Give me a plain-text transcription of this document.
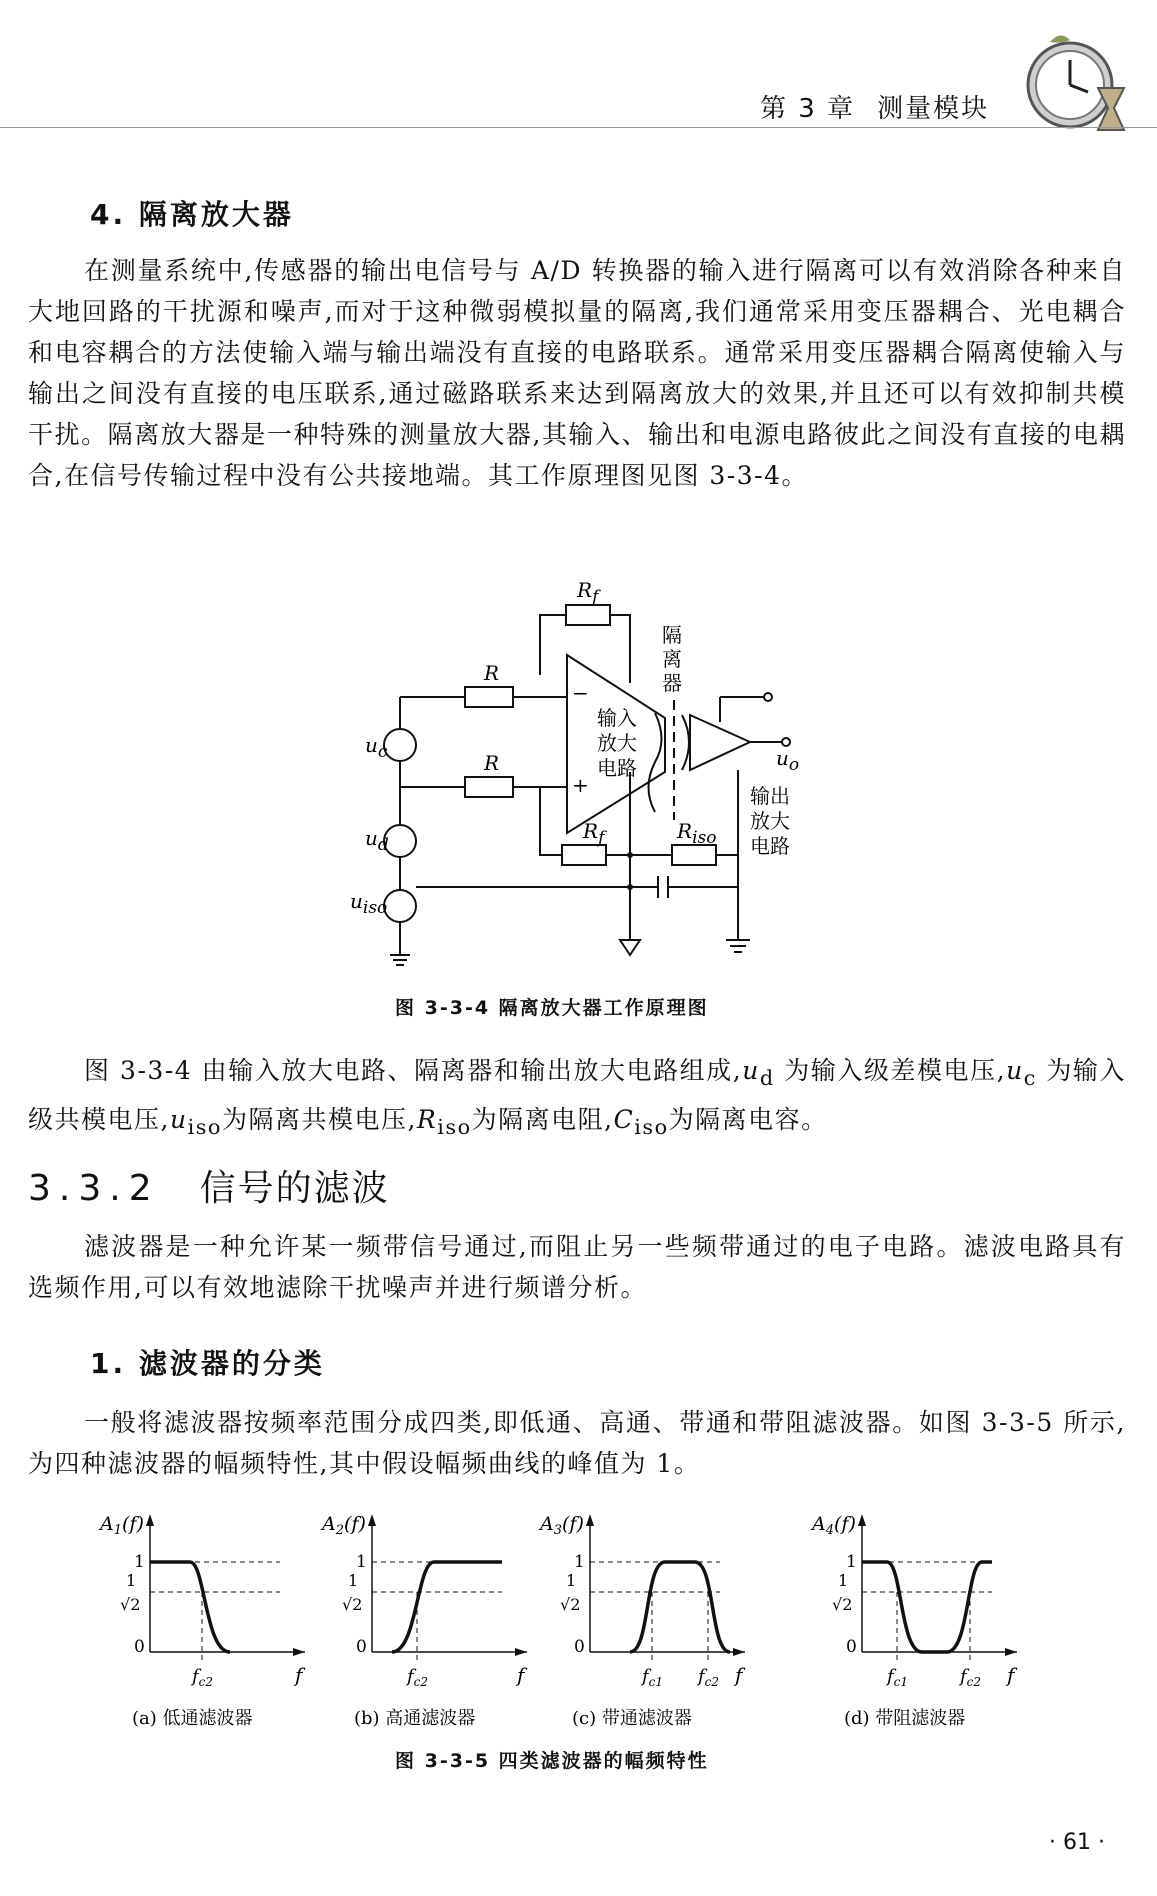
第 3 章 测量模块
4. 隔离放大器

在测量系统中,传感器的输出电信号与 A/D 转换器的输入进行隔离可以有效消除各种来自大地回路的干扰源和噪声,而对于这种微弱模拟量的隔离,我们通常采用变压器耦合、光电耦合和电容耦合的方法使输入端与输出端没有直接的电路联系。通常采用变压器耦合隔离使输入与输出之间没有直接的电压联系,通过磁路联系来达到隔离放大的效果,并且还可以有效抑制共模干扰。隔离放大器是一种特殊的测量放大器,其输入、输出和电源电路彼此之间没有直接的电耦合,在信号传输过程中没有公共接地端。其工作原理图见图 3-3-4。

$R_f$
R
R
$u_c$
$u_d$
$u_{iso}$
$u_o$
$R_f$	$R_{iso}$
−
+
隔
离
器
输入
放大
电路
输出
放大
电路
图 3-3-4 隔离放大器工作原理图

图 3-3-4 由输入放大电路、隔离器和输出放大电路组成$,u_d$ 为输入级差模电压$,u_c$ 为输入级共模电压$,u_{iso}$为隔离共模电压$,R_{iso}$为隔离电阻$,C_{iso}$为隔离电容。

3.3.2 信号的滤波

滤波器是一种允许某一频带信号通过,而阻止另一些频带通过的电子电路。滤波电路具有选频作用,可以有效地滤除干扰噪声并进行频谱分析。

1. 滤波器的分类

一般将滤波器按频率范围分成四类,即低通、高通、带通和带阻滤波器。如图 3-3-5 所示,为四种滤波器的幅频特性,其中假设幅频曲线的峰值为 1。

$A_1(f)$
1
1
√2
0
f
$f_{c2}$
(a) 低通滤波器
$A_2(f)$
1
1
√2
0
f
$f_{c2}$
(b) 高通滤波器
$A_3(f)$
1
1
√2
0
f
$f_{c1}$ $f_{c2}$
(c) 带通滤波器
$A_4(f)$
1
1
√2
0
f
$f_{c1}$	$f_{c2}$
(d) 带阻滤波器
图 3-3-5 四类滤波器的幅频特性
· 61 ·
